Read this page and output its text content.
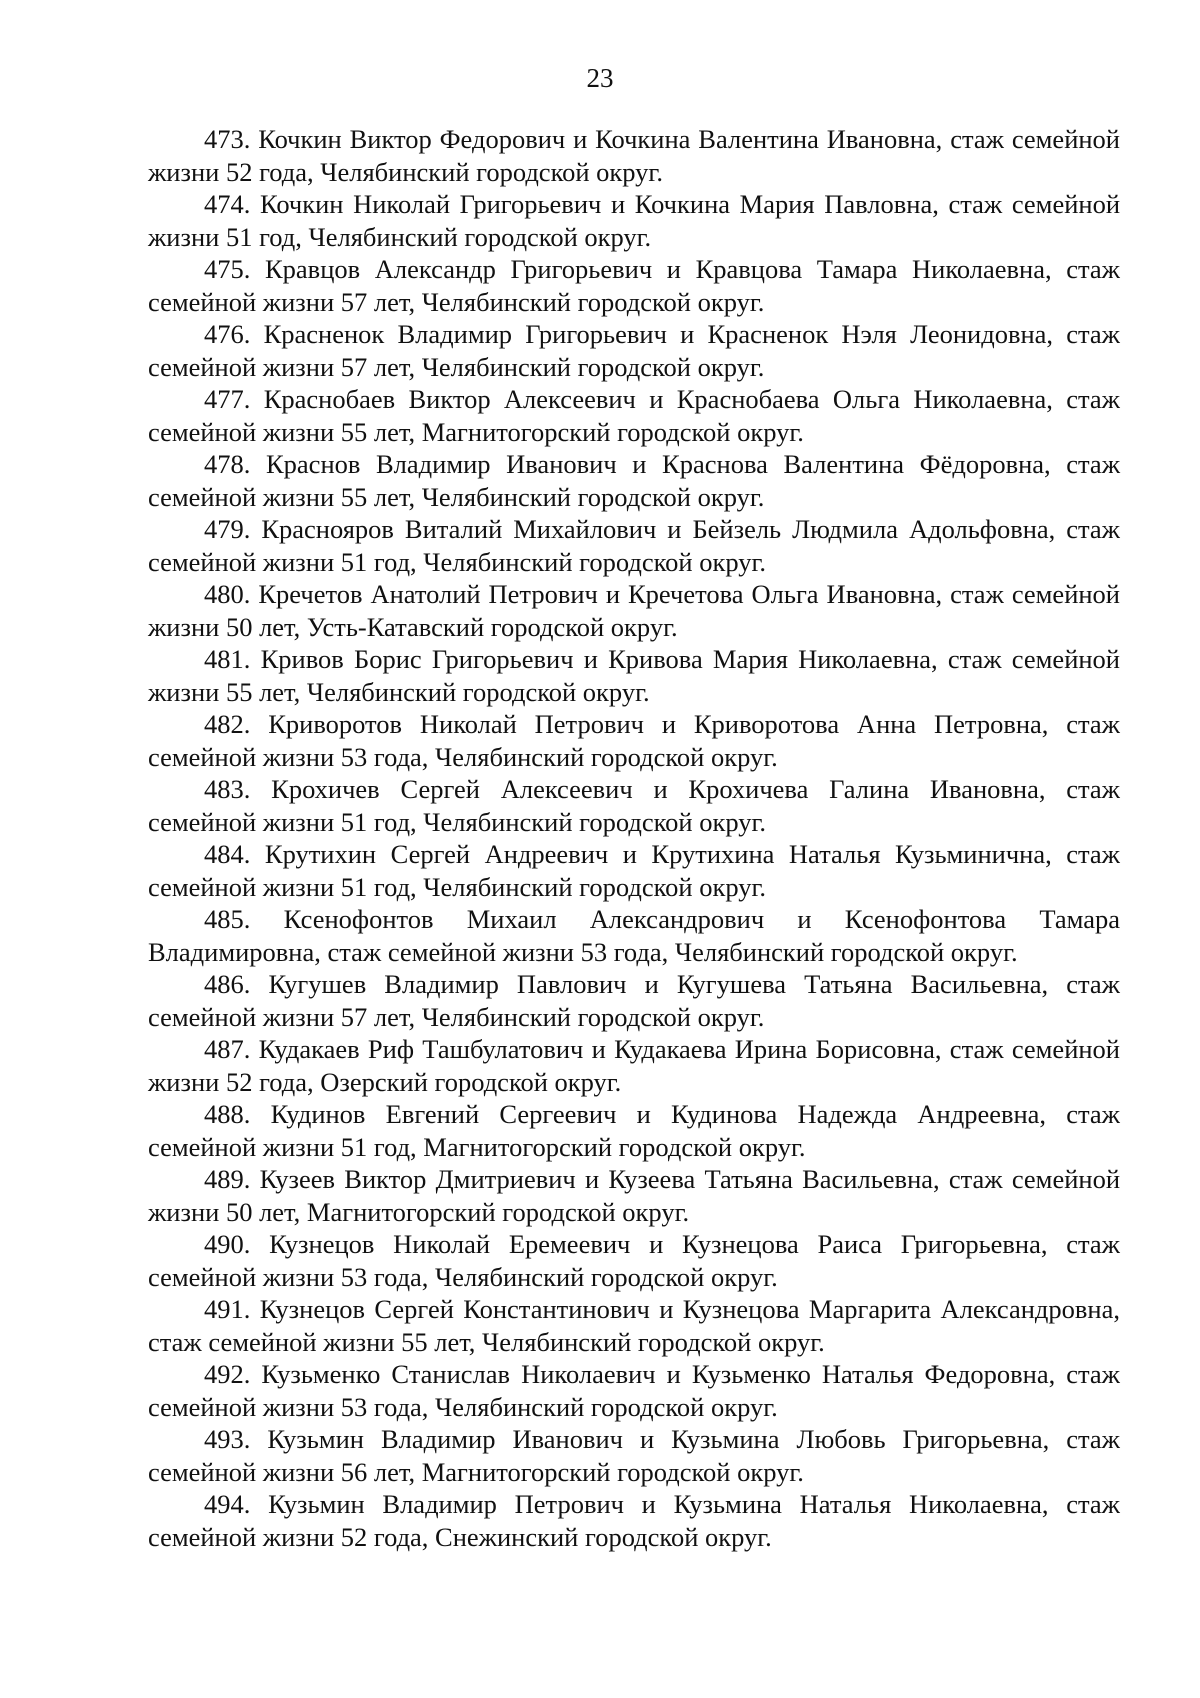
23

473. Кочкин Виктор Федорович и Кочкина Валентина Ивановна, стаж семейной жизни 52 года, Челябинский городской округ.

474. Кочкин Николай Григорьевич и Кочкина Мария Павловна, стаж семейной жизни 51 год, Челябинский городской округ.

475. Кравцов Александр Григорьевич и Кравцова Тамара Николаевна, стаж семейной жизни 57 лет, Челябинский городской округ.

476. Красненок Владимир Григорьевич и Красненок Нэля Леонидовна, стаж семейной жизни 57 лет, Челябинский городской округ.

477. Краснобаев Виктор Алексеевич и Краснобаева Ольга Николаевна, стаж семейной жизни 55 лет, Магнитогорский городской округ.

478. Краснов Владимир Иванович и Краснова Валентина Фёдоровна, стаж семейной жизни 55 лет, Челябинский городской округ.

479. Краснояров Виталий Михайлович и Бейзель Людмила Адольфовна, стаж семейной жизни 51 год, Челябинский городской округ.

480. Кречетов Анатолий Петрович и Кречетова Ольга Ивановна, стаж семейной жизни 50 лет, Усть-Катавский городской округ.

481. Кривов Борис Григорьевич и Кривова Мария Николаевна, стаж семейной жизни 55 лет, Челябинский городской округ.

482. Криворотов Николай Петрович и Криворотова Анна Петровна, стаж семейной жизни 53 года, Челябинский городской округ.

483. Крохичев Сергей Алексеевич и Крохичева Галина Ивановна, стаж семейной жизни 51 год, Челябинский городской округ.

484. Крутихин Сергей Андреевич и Крутихина Наталья Кузьминична, стаж семейной жизни 51 год, Челябинский городской округ.

485. Ксенофонтов Михаил Александрович и Ксенофонтова Тамара Владимировна, стаж семейной жизни 53 года, Челябинский городской округ.

486. Кугушев Владимир Павлович и Кугушева Татьяна Васильевна, стаж семейной жизни 57 лет, Челябинский городской округ.

487. Кудакаев Риф Ташбулатович и Кудакаева Ирина Борисовна, стаж семейной жизни 52 года, Озерский городской округ.

488. Кудинов Евгений Сергеевич и Кудинова Надежда Андреевна, стаж семейной жизни 51 год, Магнитогорский городской округ.

489. Кузеев Виктор Дмитриевич и Кузеева Татьяна Васильевна, стаж семейной жизни 50 лет, Магнитогорский городской округ.

490. Кузнецов Николай Еремеевич и Кузнецова Раиса Григорьевна, стаж семейной жизни 53 года, Челябинский городской округ.

491. Кузнецов Сергей Константинович и Кузнецова Маргарита Александровна, стаж семейной жизни 55 лет, Челябинский городской округ.

492. Кузьменко Станислав Николаевич и Кузьменко Наталья Федоровна, стаж семейной жизни 53 года, Челябинский городской округ.

493. Кузьмин Владимир Иванович и Кузьмина Любовь Григорьевна, стаж семейной жизни 56 лет, Магнитогорский городской округ.

494. Кузьмин Владимир Петрович и Кузьмина Наталья Николаевна, стаж семейной жизни 52 года, Снежинский городской округ.
